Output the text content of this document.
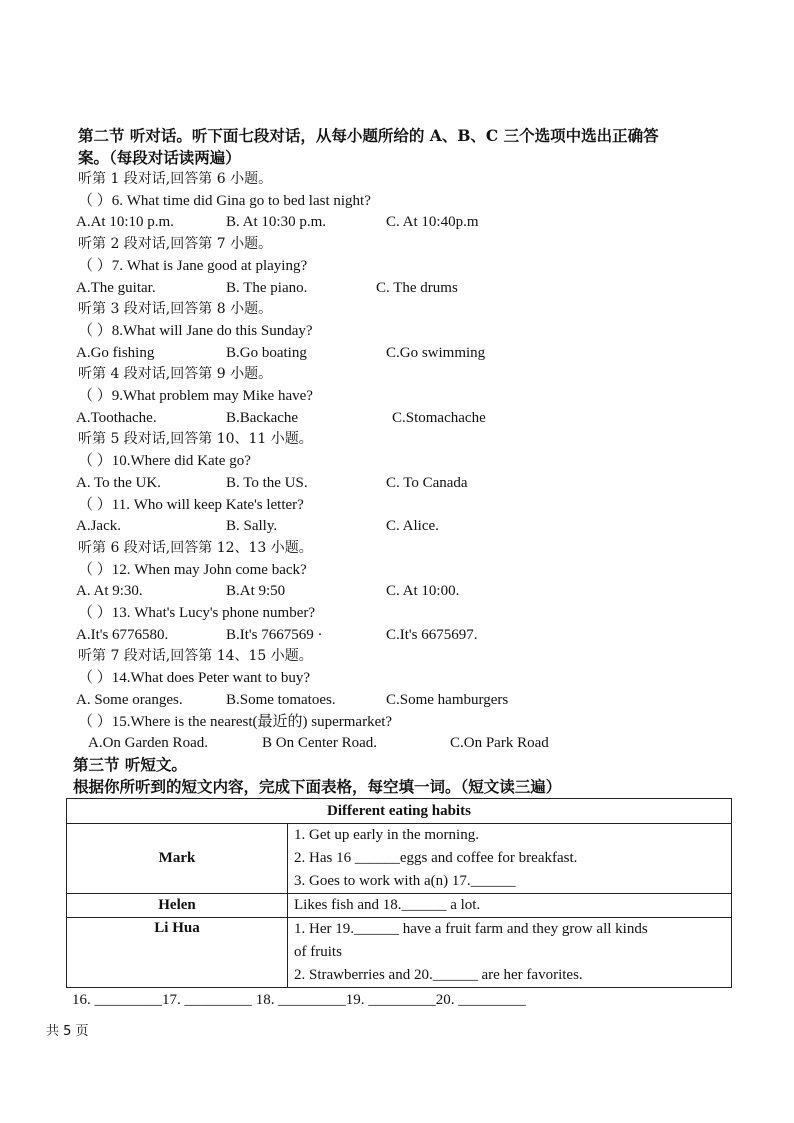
第二节 听对话。听下面七段对话，从每小题所给的 A、B、C 三个选项中选出正确答
案。（每段对话读两遍）
听第 1 段对话,回答第 6 小题。
（ ）6. What time did Gina go to bed last night?
A.At 10:10 p.m.	B. At 10:30 p.m.	C. At 10:40p.m
听第 2 段对话,回答第 7 小题。
（ ）7. What is Jane good at playing?
A.The guitar.	B. The piano.	C. The drums
听第 3 段对话,回答第 8 小题。
（ ）8.What will Jane do this Sunday?
A.Go fishing	B.Go boating	C.Go swimming
听第 4 段对话,回答第 9 小题。
（ ）9.What problem may Mike have?
A.Toothache.	B.Backache	C.Stomachache
听第 5 段对话,回答第 10、11 小题。
（ ）10.Where did Kate go?
A. To the UK.	B. To the US.	C. To Canada
（ ）11. Who will keep Kate's letter?
A.Jack.	B. Sally.	C. Alice.
听第 6 段对话,回答第 12、13 小题。
（ ）12. When may John come back?
A. At 9:30.	B.At 9:50	C. At 10:00.
（ ）13. What's Lucy's phone number?
A.It's 6776580.	B.It's 7667569 ·	C.It's 6675697.
听第 7 段对话,回答第 14、15 小题。
（ ）14.What does Peter want to buy?
A. Some oranges.	B.Some tomatoes.	C.Some hamburgers
（ ）15.Where is the nearest(最近的) supermarket?
A.On Garden Road.	B On Center Road.	C.On Park Road
第三节 听短文。
根据你所听到的短文内容，完成下面表格，每空填一词。（短文读三遍）
Different eating habits	
Mark	1. Get up early in the morning.
2. Has 16 ______eggs and coffee for breakfast.
3. Goes to work with a(n) 17.______

Helen	Likes fish and 18.______ a lot.

Li Hua	1. Her 19.______ have a fruit farm and they grow all kinds
of fruits
2. Strawberries and 20.______ are her favorites.
16. _________17. _________ 18. _________19. _________20. _________
共 5 页
